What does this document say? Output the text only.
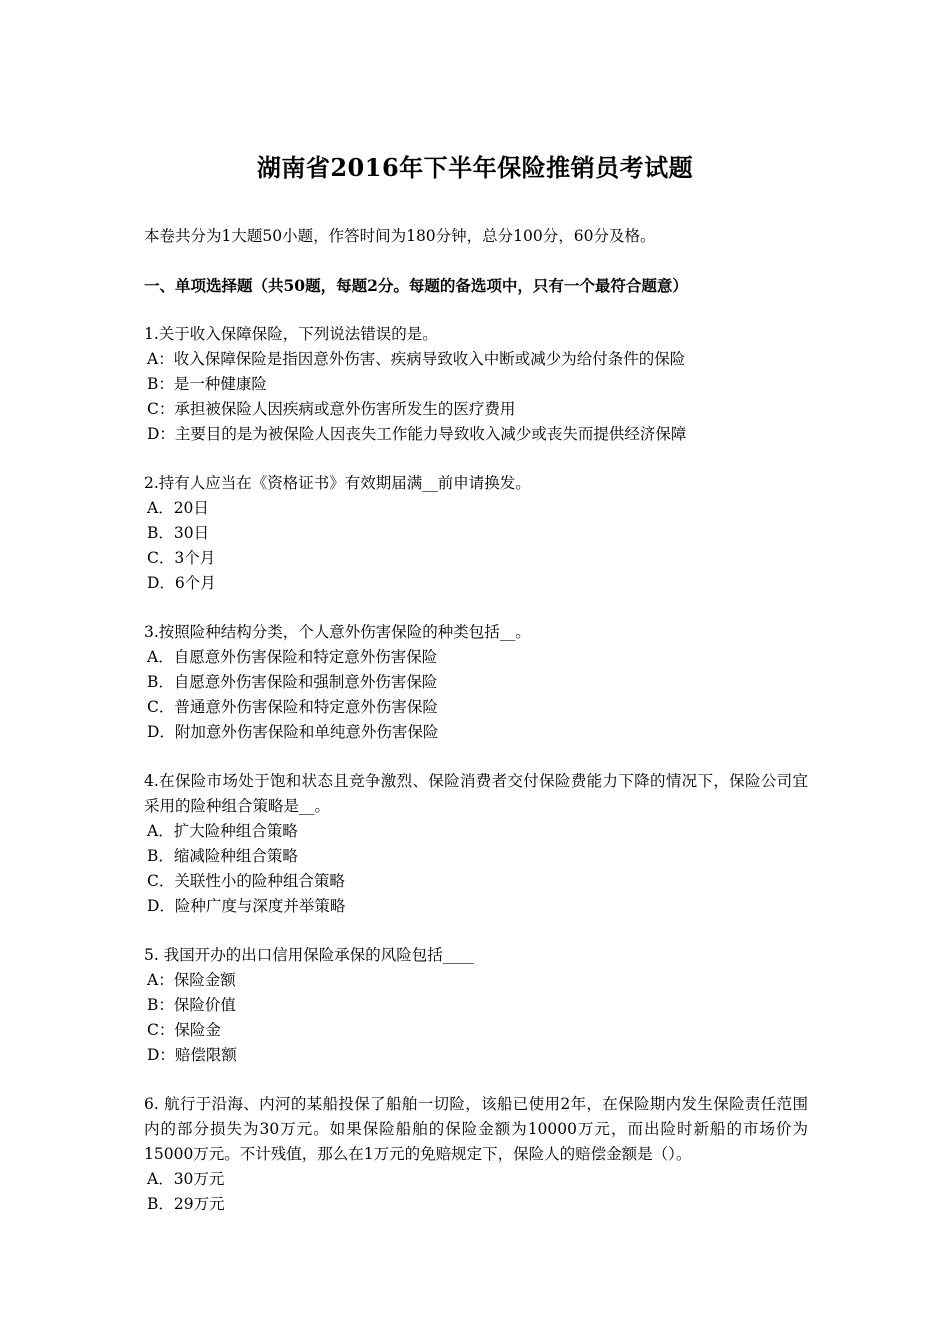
湖南省2016年下半年保险推销员考试题
本卷共分为1大题50小题，作答时间为180分钟，总分100分，60分及格。
一、单项选择题（共50题，每题2分。每题的备选项中，只有一个最符合题意）
1.关于收入保障保险，下列说法错误的是。
A：收入保障保险是指因意外伤害、疾病导致收入中断或减少为给付条件的保险
B：是一种健康险
C：承担被保险人因疾病或意外伤害所发生的医疗费用
D：主要目的是为被保险人因丧失工作能力导致收入减少或丧失而提供经济保障
2.持有人应当在《资格证书》有效期届满__前申请换发。
A．20日
B．30日
C．3个月
D．6个月
3.按照险种结构分类，个人意外伤害保险的种类包括__。
A．自愿意外伤害保险和特定意外伤害保险
B．自愿意外伤害保险和强制意外伤害保险
C．普通意外伤害保险和特定意外伤害保险
D．附加意外伤害保险和单纯意外伤害保险
4.在保险市场处于饱和状态且竞争激烈、保险消费者交付保险费能力下降的情况下，保险公司宜采用的险种组合策略是__。
A．扩大险种组合策略
B．缩减险种组合策略
C．关联性小的险种组合策略
D．险种广度与深度并举策略
5. 我国开办的出口信用保险承保的风险包括____
A：保险金额
B：保险价值
C：保险金
D：赔偿限额
6. 航行于沿海、内河的某船投保了船舶一切险，该船已使用2年，在保险期内发生保险责任范围内的部分损失为30万元。如果保险船舶的保险金额为10000万元，而出险时新船的市场价为15000万元。不计残值，那么在1万元的免赔规定下，保险人的赔偿金额是（）。
A．30万元
B．29万元
